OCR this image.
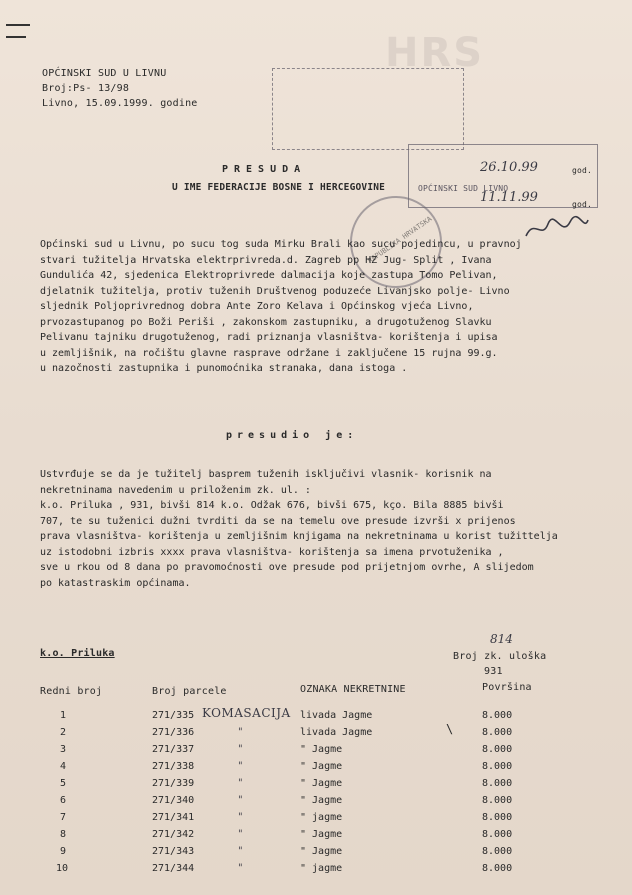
HRS
OPĆINSKI SUD U LIVNU
Broj:Ps- 13/98
Livno, 15.09.1999. godine
26.10.99	god.
OPĆINSKI SUD LIVNO
11.11.99	god.
REPUBLIKA HRVATSKA
PRESUDA
U IME FEDERACIJE BOSNE I HERCEGOVINE
Općinski sud u Livnu, po sucu tog suda Mirku Brali kao sucu pojedincu, u pravnoj
stvari tužitelja Hrvatska elektrprivreda.d. Zagreb pp HZ Jug- Split , Ivana
Gundulića 42, sjedenica Elektroprivrede dalmacija koje zastupa Tomo Pelivan,
djelatnik tužitelja, protiv tuženih Društvenog poduzeće Livanjsko polje- Livno
sljednik Poljoprivrednog dobra Ante Zoro Kelava i Općinskog vjeća Livno,
prvozastupanog po Boži Periši , zakonskom zastupniku, a drugotuženog Slavku
Pelivanu tajniku drugotuženog, radi priznanja vlasništva- korištenja i upisa
u zemljišnik, na ročištu glavne rasprave održane i zaključene 15 rujna 99.g.
u nazočnosti zastupnika i punomoćnika stranaka, dana istoga .
presudio je:
Ustvrđuje se da je tužitelj basprem tuženih isključivi vlasnik- korisnik na
nekretninama navedenim u priloženim zk. ul. :
k.o. Priluka , 931, bivši 814 k.o. Odžak 676, bivši 675, kço. Bila 8885 bivši
707, te su tuženici dužni tvrditi da se na temelu ove presude izvrši x prijenos
prava vlasništva- korištenja u zemljišnim knjigama na nekretninama u korist tužittelja
uz istodobni izbris xxxx prava vlasništva- korištenja sa imena prvotuženika ,
sve u rkou od 8 dana po pravomoćnosti ove presude pod prijetnjom ovrhe, A slijedom
po katastraskim općinama.
814
k.o. Priluka	Broj zk. uloška
931
Redni broj	Broj parcele	OZNAKA NEKRETNINE	Površina
KOMASACIJA
\
1	271/335	livada Jagme	8.000
2	271/336	"	livada Jagme	8.000
3	271/337	"	" Jagme	8.000
4	271/338	"	" Jagme	8.000
5	271/339	"	" Jagme	8.000
6	271/340	"	" Jagme	8.000
7	271/341	"	" jagme	8.000
8	271/342	"	" Jagme	8.000
9	271/343	"	" Jagme	8.000
10	271/344	"	" jagme	8.000
